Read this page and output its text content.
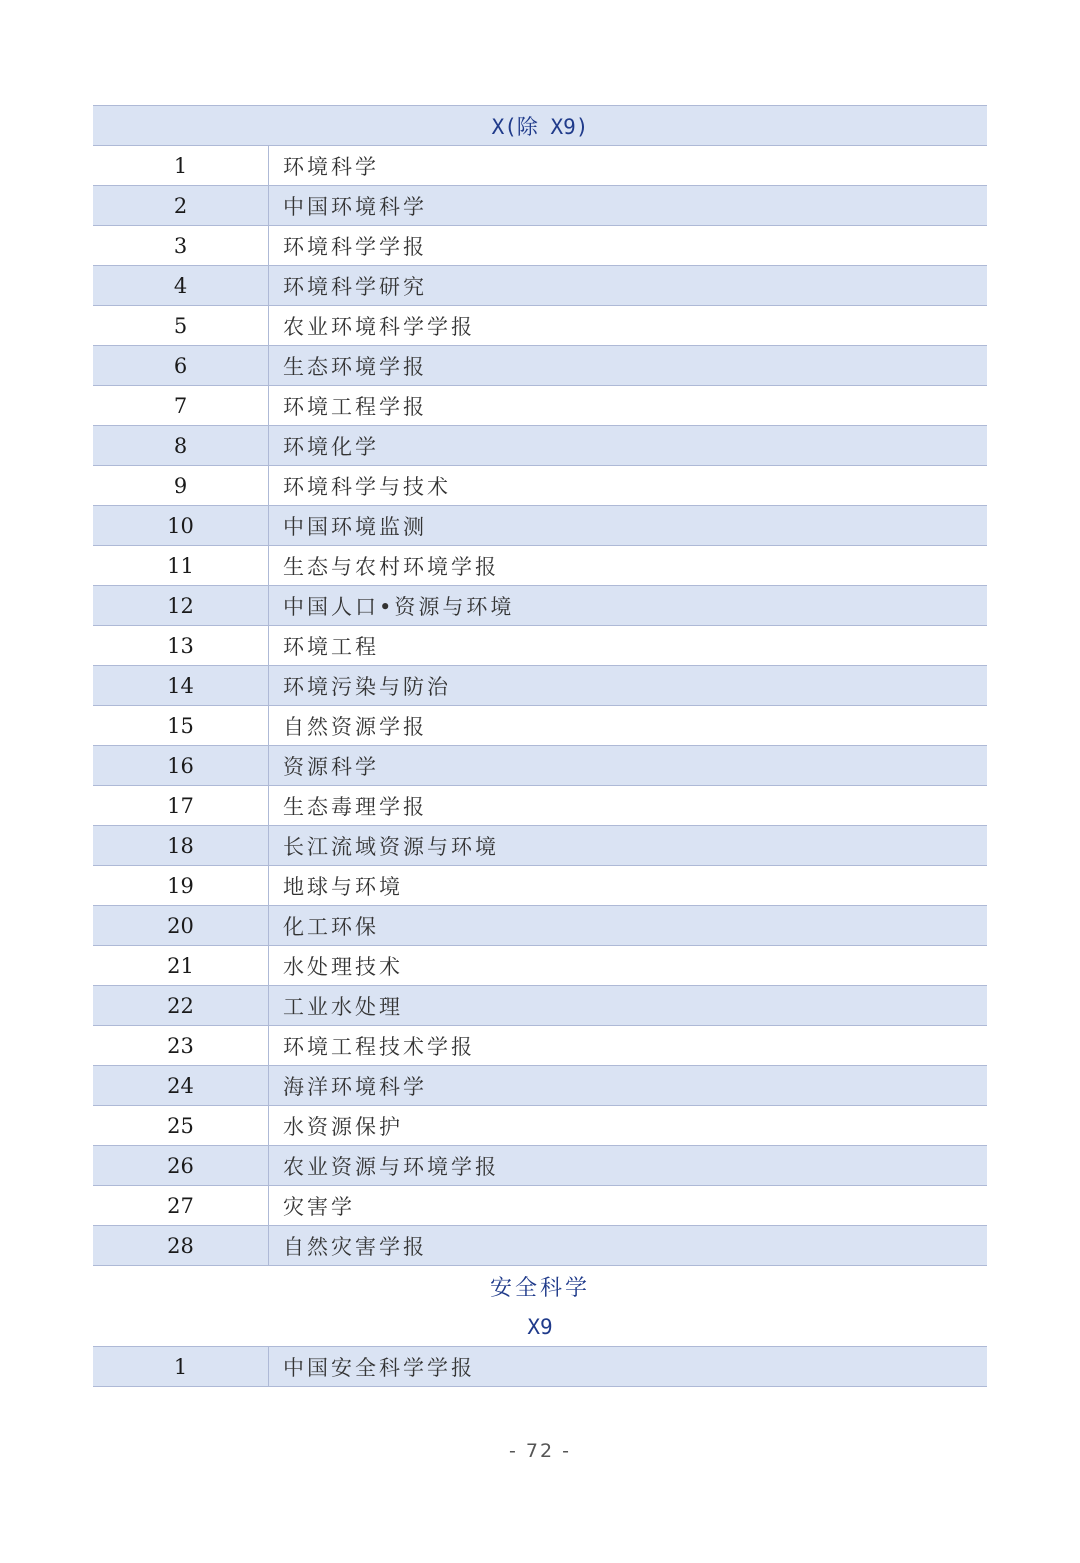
X(除 X9)
1	环境科学
2	中国环境科学
3	环境科学学报
4	环境科学研究
5	农业环境科学学报
6	生态环境学报
7	环境工程学报
8	环境化学
9	环境科学与技术
10	中国环境监测
11	生态与农村环境学报
12	中国人口•资源与环境
13	环境工程
14	环境污染与防治
15	自然资源学报
16	资源科学
17	生态毒理学报
18	长江流域资源与环境
19	地球与环境
20	化工环保
21	水处理技术
22	工业水处理
23	环境工程技术学报
24	海洋环境科学
25	水资源保护
26	农业资源与环境学报
27	灾害学
28	自然灾害学报
安全科学
X9
1	中国安全科学学报
- 72 -
